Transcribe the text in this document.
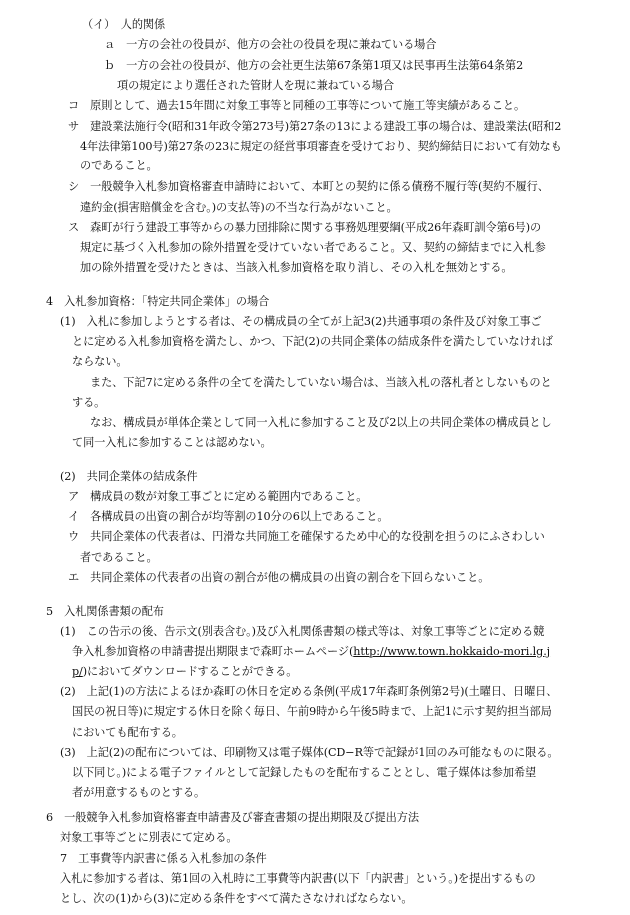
（イ）　人的関係
ａ　一方の会社の役員が、他方の会社の役員を現に兼ねている場合
ｂ　一方の会社の役員が、他方の会社更生法第67条第1項又は民事再生法第64条第2
項の規定により選任された管財人を現に兼ねている場合
コ　原則として、過去15年間に対象工事等と同種の工事等について施工等実績があること。
サ　建設業法施行令(昭和31年政令第273号)第27条の13による建設工事の場合は、建設業法(昭和2
4年法律第100号)第27条の23に規定の経営事項審査を受けており、契約締結日において有効なも
のであること。
シ　一般競争入札参加資格審査申請時において、本町との契約に係る債務不履行等(契約不履行、
違約金(損害賠償金を含む。)の支払等)の不当な行為がないこと。
ス　森町が行う建設工事等からの暴力団排除に関する事務処理要綱(平成26年森町訓令第6号)の
規定に基づく入札参加の除外措置を受けていない者であること。又、契約の締結までに入札参
加の除外措置を受けたときは、当該入札参加資格を取り消し、その入札を無効とする。
4　入札参加資格：「特定共同企業体」の場合
(1)　入札に参加しようとする者は、その構成員の全てが上記3(2)共通事項の条件及び対象工事ご
とに定める入札参加資格を満たし、かつ、下記(2)の共同企業体の結成条件を満たしていなければ
ならない。
また、下記7に定める条件の全てを満たしていない場合は、当該入札の落札者としないものと
する。
なお、構成員が単体企業として同一入札に参加すること及び2以上の共同企業体の構成員とし
て同一入札に参加することは認めない。
(2)　共同企業体の結成条件
ア　構成員の数が対象工事ごとに定める範囲内であること。
イ　各構成員の出資の割合が均等割の10分の6以上であること。
ウ　共同企業体の代表者は、円滑な共同施工を確保するため中心的な役割を担うのにふさわしい
者であること。
エ　共同企業体の代表者の出資の割合が他の構成員の出資の割合を下回らないこと。
5　入札関係書類の配布
(1)　この告示の後、告示文(別表含む。)及び入札関係書類の様式等は、対象工事等ごとに定める競
争入札参加資格の申請書提出期限まで森町ホームページ(http://www.town.hokkaido-mori.lg.j
p/)においてダウンロードすることができる。
(2)　上記(1)の方法によるほか森町の休日を定める条例(平成17年森町条例第2号)(土曜日、日曜日、
国民の祝日等)に規定する休日を除く毎日、午前9時から午後5時まで、上記1に示す契約担当部局
においても配布する。
(3)　上記(2)の配布については、印刷物又は電子媒体(CD−R等で記録が1回のみ可能なものに限る。
以下同じ。)による電子ファイルとして記録したものを配布することとし、電子媒体は参加希望
者が用意するものとする。
6　一般競争入札参加資格審査申請書及び審査書類の提出期限及び提出方法
対象工事等ごとに別表にて定める。
7　工事費等内訳書に係る入札参加の条件
入札に参加する者は、第1回の入札時に工事費等内訳書(以下「内訳書」という。)を提出するもの
とし、次の(1)から(3)に定める条件をすべて満たさなければならない。
